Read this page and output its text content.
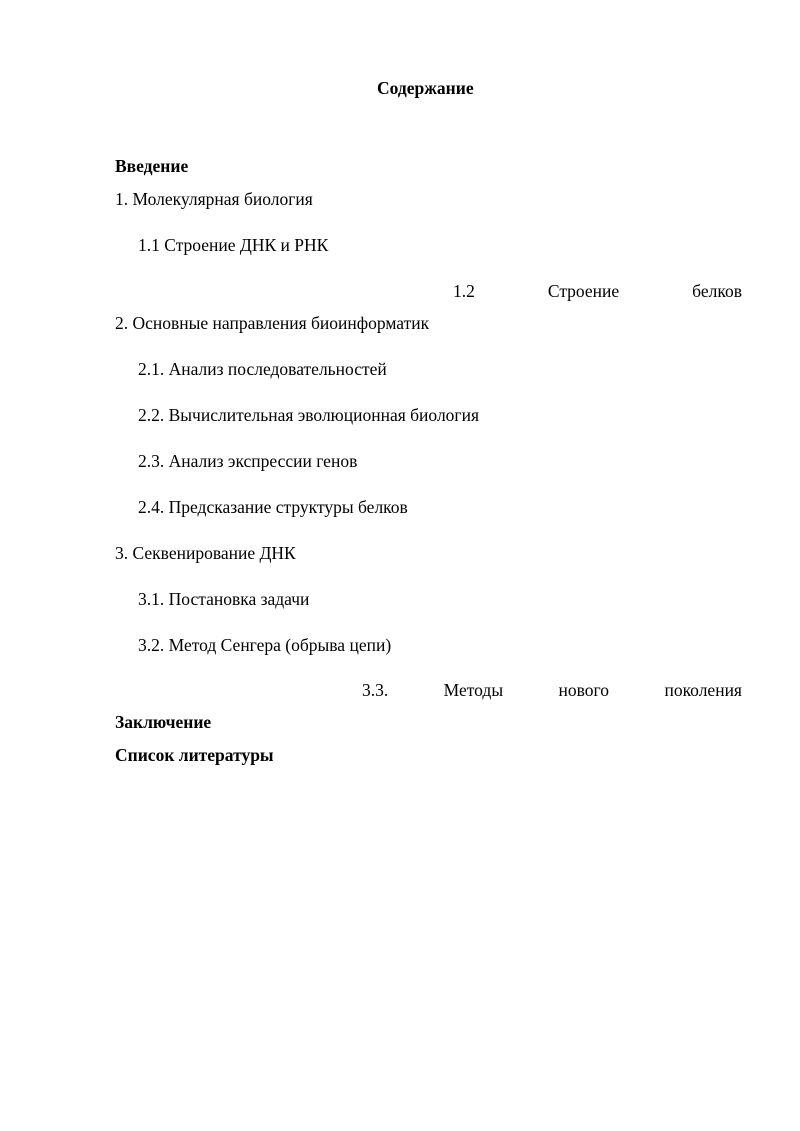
Содержание
Введение
1. Молекулярная биология
1.1 Строение ДНК и РНК
1.2	Строение	белков
2. Основные направления биоинформатик
2.1. Анализ последовательностей
2.2. Вычислительная эволюционная биология
2.3. Анализ экспрессии генов
2.4. Предсказание структуры белков
3. Секвенирование ДНК
3.1. Постановка задачи
3.2. Метод Сенгера (обрыва цепи)
3.3.	Методы	нового	поколения
Заключение
Список литературы
